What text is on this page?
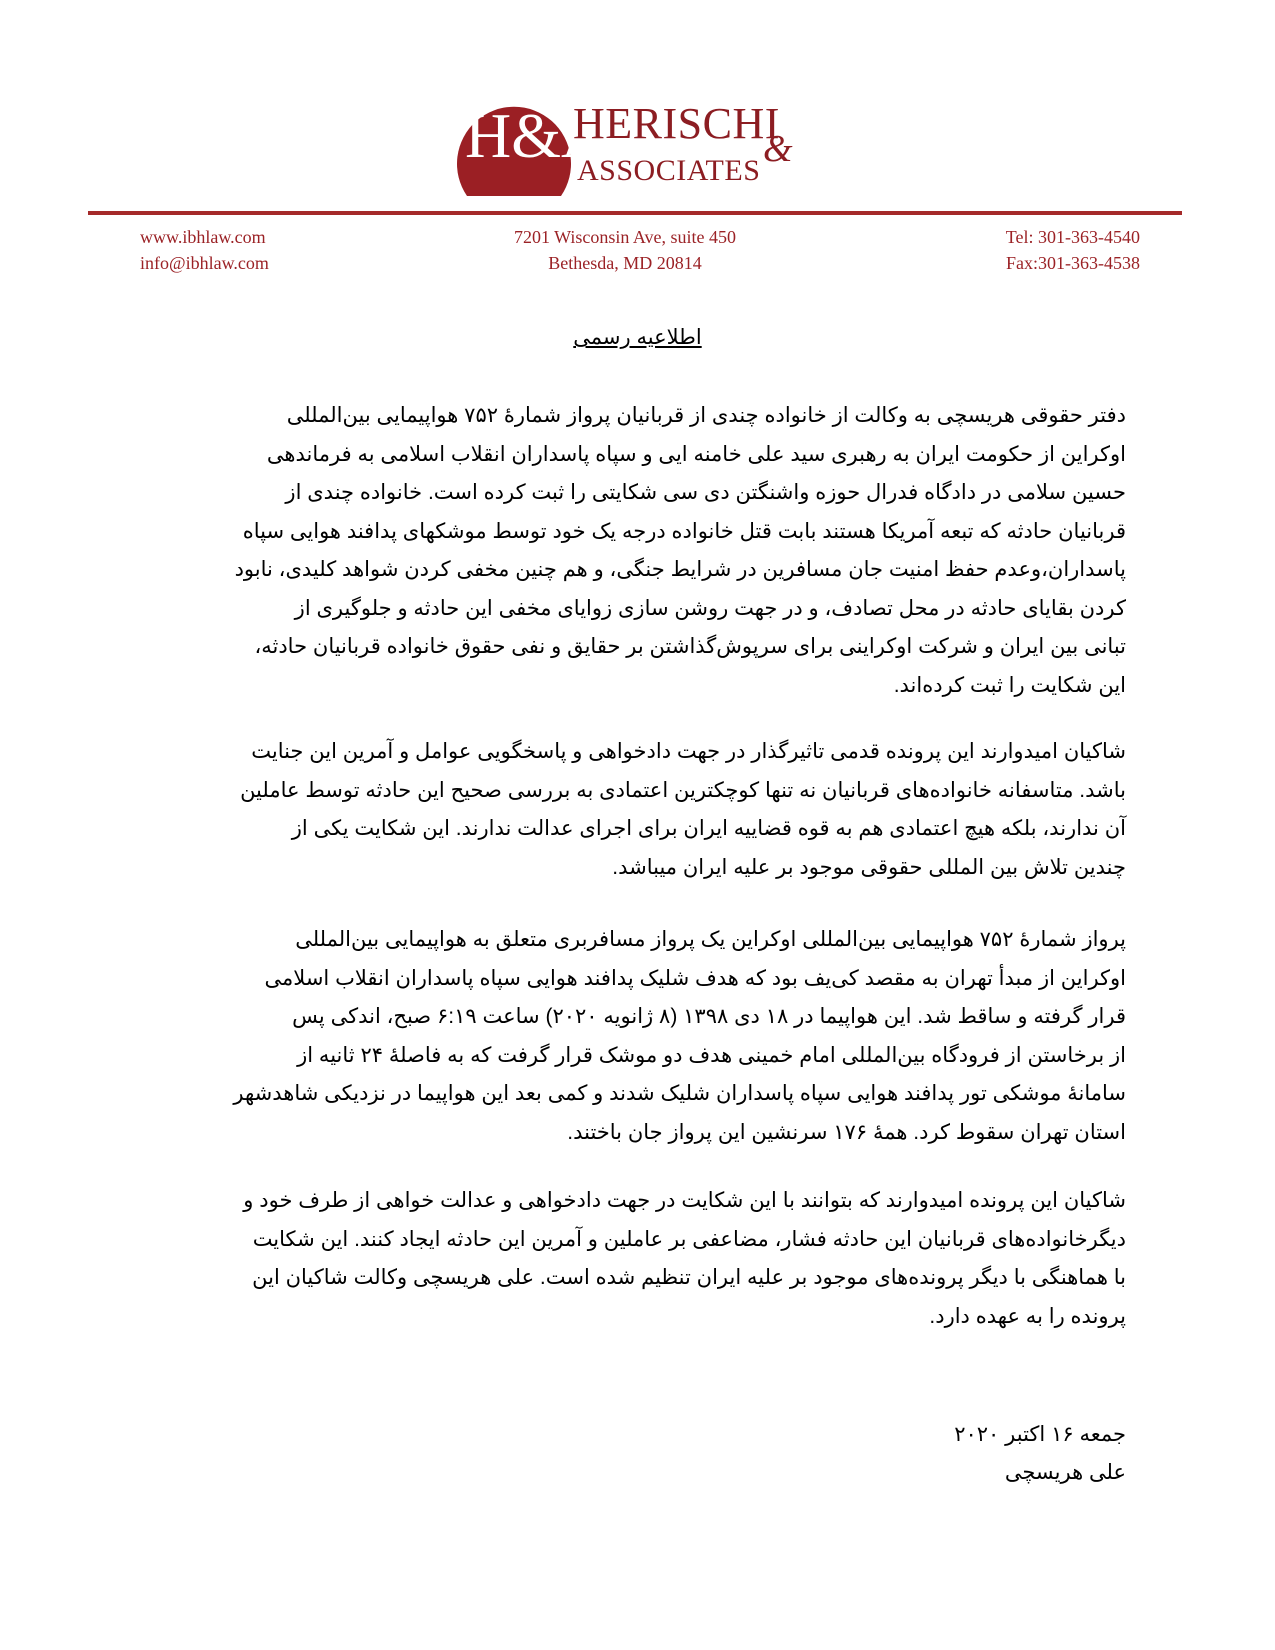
H&A
HERISCHI
&
ASSOCIATES
www.ibhlaw.com
info@ibhlaw.com
7201 Wisconsin Ave, suite 450
Bethesda, MD 20814
Tel: 301-363-4540
Fax:301-363-4538
اطلاعیه رسمی
دفتر حقوقی هریسچی به وکالت از خانواده چندی از قربانیان پرواز شمارهٔ ۷۵۲ هواپیمایی بین‌المللی
اوکراین از حکومت ایران به رهبری سید علی خامنه ایی و سپاه پاسداران انقلاب اسلامی به فرماندهی
حسین سلامی در دادگاه فدرال حوزه واشنگتن دی سی شکایتی را ثبت کرده است. خانواده چندی از
قربانیان حادثه که تبعه آمریکا هستند بابت قتل خانواده درجه یک خود توسط موشکهای پدافند هوایی سپاه
پاسداران،وعدم حفظ امنیت جان مسافرین در شرایط جنگی، و هم چنین مخفی کردن شواهد کلیدی، نابود
کردن بقایای حادثه در محل تصادف، و در جهت روشن سازی زوایای مخفی این حادثه و جلوگیری از
تبانی بین ایران و شرکت اوکراینی برای سرپوش‌گذاشتن بر حقایق و نفی حقوق خانواده قربانیان حادثه،
این شکایت را ثبت کرده‌اند.
شاکیان امیدوارند این پرونده قدمی تاثیرگذار در جهت دادخواهی و پاسخگویی عوامل و آمرین این جنایت
باشد. متاسفانه خانواده‌های قربانیان نه تنها کوچکترین اعتمادی به بررسی صحیح این حادثه توسط عاملین
آن ندارند، بلکه هیچ اعتمادی هم به قوه قضاییه ایران برای اجرای عدالت ندارند. این شکایت یکی از
چندین تلاش بین المللی حقوقی موجود بر علیه ایران میباشد.
پرواز شمارهٔ ۷۵۲ هواپیمایی بین‌المللی اوکراین یک پرواز مسافربری متعلق به هواپیمایی بین‌المللی
اوکراین از مبدأ تهران به مقصد کی‌یف بود که هدف شلیک پدافند هوایی سپاه پاسداران انقلاب اسلامی
قرار گرفته و ساقط شد. این هواپیما در ۱۸ دی ۱۳۹۸ (۸ ژانویه ۲۰۲۰) ساعت ۶:۱۹ صبح، اندکی پس
از برخاستن از فرودگاه بین‌المللی امام خمینی هدف دو موشک قرار گرفت که به فاصلهٔ ۲۴ ثانیه از
سامانهٔ موشکی تور پدافند هوایی سپاه پاسداران شلیک شدند و کمی بعد این هواپیما در نزدیکی شاهدشهر
استان تهران سقوط کرد. همهٔ ۱۷۶ سرنشین این پرواز جان باختند.
شاکیان این پرونده امیدوارند که بتوانند با این شکایت در جهت دادخواهی و عدالت خواهی از طرف خود و
دیگرخانواده‌های قربانیان این حادثه فشار، مضاعفی بر عاملین و آمرین این حادثه ایجاد کنند. این شکایت
با هماهنگی با دیگر پرونده‌های موجود بر علیه ایران تنظیم شده است. علی هریسچی وکالت شاکیان این
پرونده را به عهده دارد.
جمعه ۱۶ اکتبر ۲۰۲۰
علی هریسچی
